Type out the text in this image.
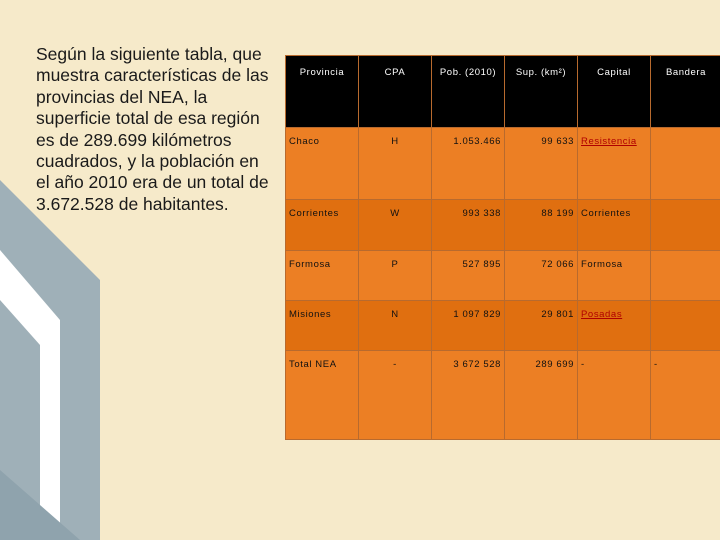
Según la siguiente tabla, que muestra características de las provincias del NEA, la superficie total de esa región es de 289.699 kilómetros cuadrados, y la población en el año 2010 era de un total de 3.672.528 de habitantes.
Provincia	CPA	Pob. (2010)	Sup. (km²)	Capital	Bandera
Chaco	H	1.053.466	99 633	Resistencia	
Corrientes	W	993 338	88 199	Corrientes	
Formosa	P	527 895	72 066	Formosa	
Misiones	N	1 097 829	29 801	Posadas	
Total NEA	-	3 672 528	289 699	-	-
